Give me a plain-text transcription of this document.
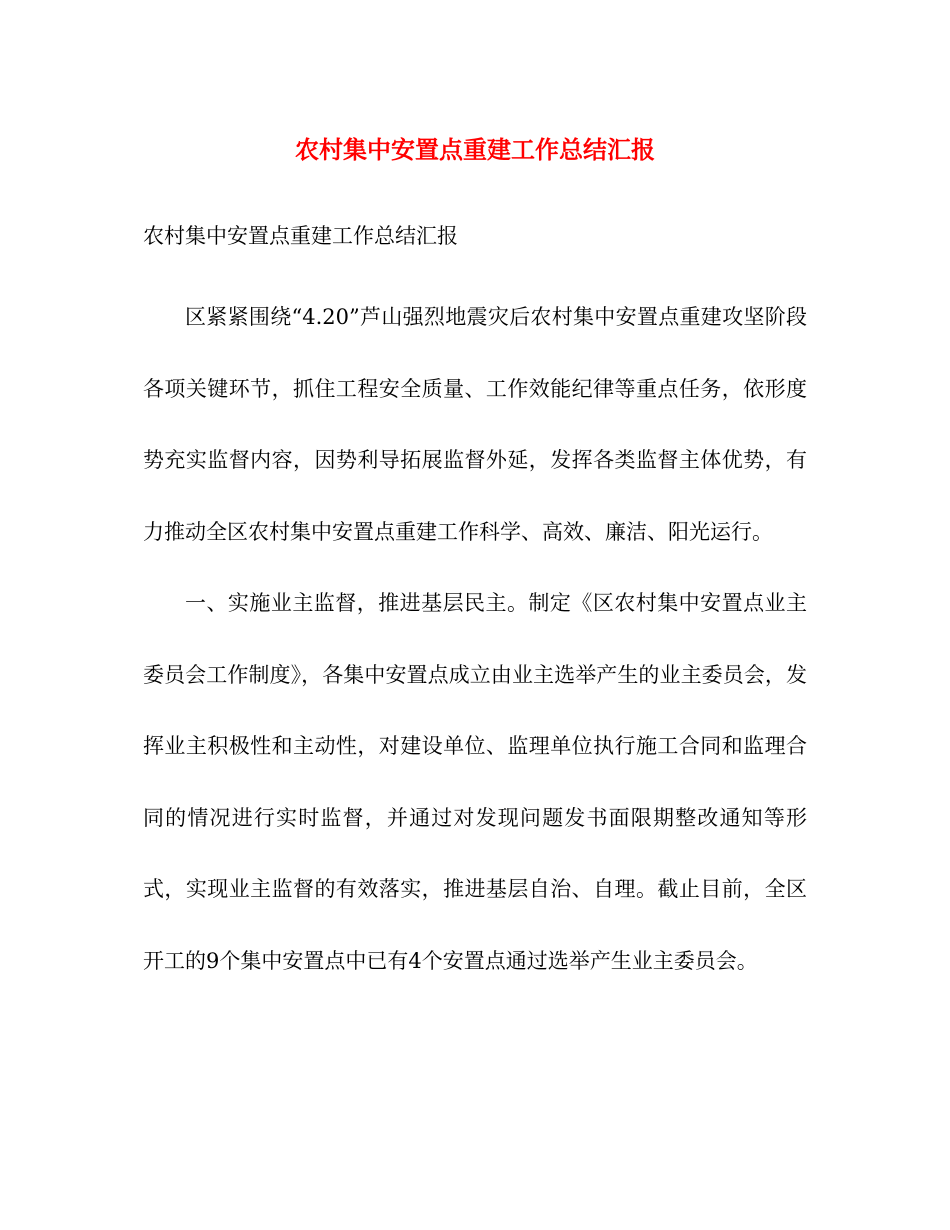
农村集中安置点重建工作总结汇报

农村集中安置点重建工作总结汇报

区紧紧围绕“4.20”芦山强烈地震灾后农村集中安置点重建攻坚阶段各项关键环节，抓住工程安全质量、工作效能纪律等重点任务，依形度势充实监督内容，因势利导拓展监督外延，发挥各类监督主体优势，有力推动全区农村集中安置点重建工作科学、高效、廉洁、阳光运行。

一、实施业主监督，推进基层民主。制定《区农村集中安置点业主委员会工作制度》，各集中安置点成立由业主选举产生的业主委员会，发挥业主积极性和主动性，对建设单位、监理单位执行施工合同和监理合同的情况进行实时监督，并通过对发现问题发书面限期整改通知等形式，实现业主监督的有效落实，推进基层自治、自理。截止目前，全区开工的9个集中安置点中已有4个安置点通过选举产生业主委员会。
